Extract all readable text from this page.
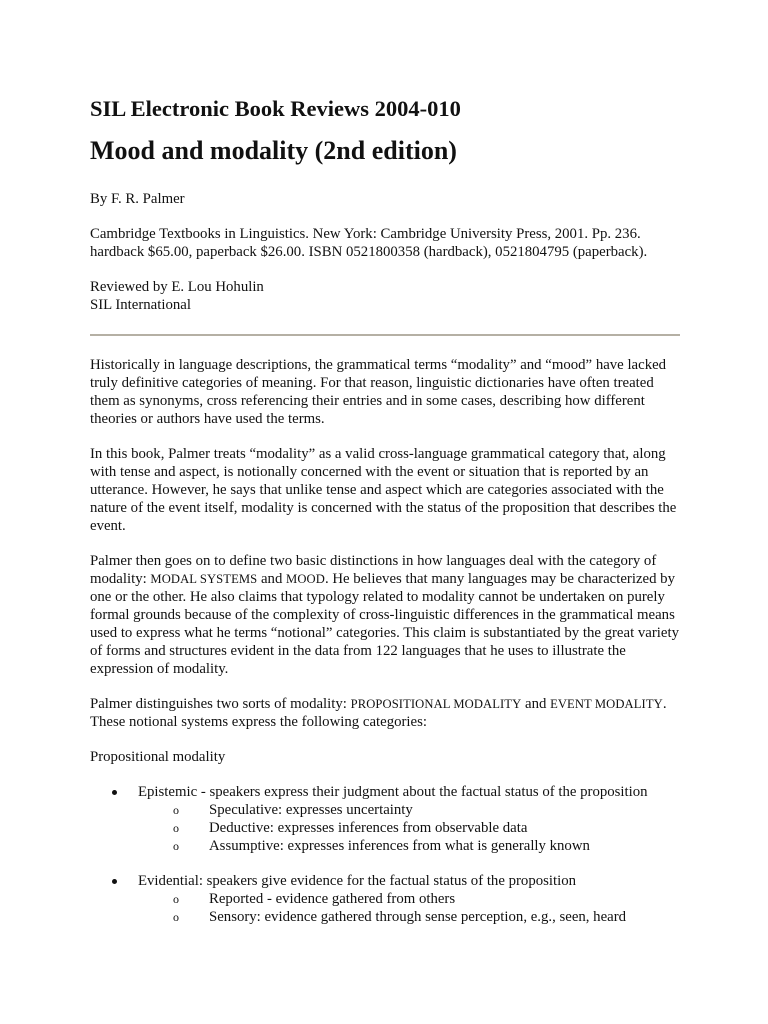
SIL Electronic Book Reviews 2004-010
Mood and modality (2nd edition)

By F. R. Palmer

Cambridge Textbooks in Linguistics. New York: Cambridge University Press, 2001. Pp. 236.

hardback $65.00, paperback $26.00. ISBN 0521800358 (hardback), 0521804795 (paperback).

Reviewed by E. Lou Hohulin

SIL International

Historically in language descriptions, the grammatical terms “modality” and “mood” have lacked truly definitive categories of meaning. For that reason, linguistic dictionaries have often treated them as synonyms, cross referencing their entries and in some cases, describing how different theories or authors have used the terms.

In this book, Palmer treats “modality” as a valid cross-language grammatical category that, along with tense and aspect, is notionally concerned with the event or situation that is reported by an utterance. However, he says that unlike tense and aspect which are categories associated with the nature of the event itself, modality is concerned with the status of the proposition that describes the event.

Palmer then goes on to define two basic distinctions in how languages deal with the category of modality: MODAL SYSTEMS and MOOD. He believes that many languages may be characterized by one or the other. He also claims that typology related to modality cannot be undertaken on purely formal grounds because of the complexity of cross-linguistic differences in the grammatical means used to express what he terms “notional” categories. This claim is substantiated by the great variety of forms and structures evident in the data from 122 languages that he uses to illustrate the expression of modality.

Palmer distinguishes two sorts of modality: PROPOSITIONAL MODALITY and EVENT MODALITY. These notional systems express the following categories:

Propositional modality

Epistemic - speakers express their judgment about the factual status of the proposition
o Speculative: expresses uncertainty
o Deductive: expresses inferences from observable data
o Assumptive: expresses inferences from what is generally known
Evidential: speakers give evidence for the factual status of the proposition
o Reported - evidence gathered from others
o Sensory: evidence gathered through sense perception, e.g., seen, heard
